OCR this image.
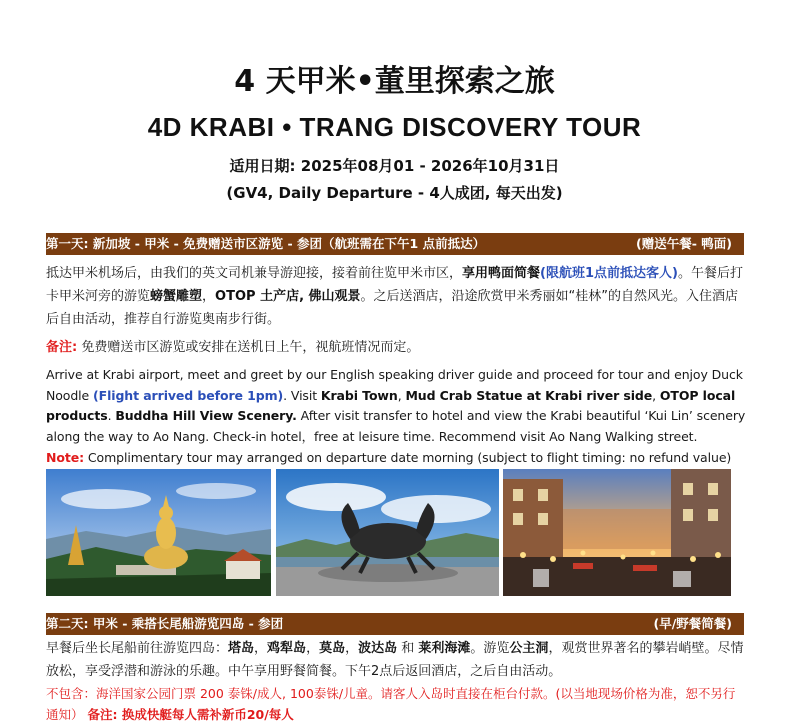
4 天甲米•董里探索之旅
4D KRABI • TRANG DISCOVERY TOUR
适用日期: 2025年08月01 - 2026年10月31日
(GV4, Daily Departure - 4人成团, 每天出发)
第一天: 新加坡 - 甲米 - 免费赠送市区游览 - 参团（航班需在下午1 点前抵达）	(赠送午餐- 鸭面)

抵达甲米机场后，由我们的英文司机兼导游迎接，接着前往览甲米市区，享用鸭面简餐(限航班1点前抵达客人)。午餐后打卡甲米河旁的游览螃蟹雕塑，OTOP 土产店, 佛山观景。之后送酒店，沿途欣赏甲米秀丽如“桂林”的自然风光。入住酒店后自由活动，推荐自行游览奥南步行街。

备注: 免费赠送市区游览或安排在送机日上午，视航班情况而定。

Arrive at Krabi airport, meet and greet by our English speaking driver guide and proceed for tour and enjoy Duck Noodle (Flight arrived before 1pm). Visit Krabi Town, Mud Crab Statue at Krabi river side, OTOP local products. Buddha Hill View Scenery. After visit transfer to hotel and view the Krabi beautiful ‘Kui Lin’ scenery along the way to Ao Nang. Check-in hotel，free at leisure time. Recommend visit Ao Nang Walking street.

Note: Complimentary tour may arranged on departure date morning (subject to flight timing: no refund value)

第二天: 甲米 - 乘搭长尾船游览四岛 - 参团	(早/野餐简餐)

早餐后坐长尾船前往游览四岛：塔岛，鸡犁岛，莫岛，波达岛 和 莱利海滩。游览公主洞，观赏世界著名的攀岩峭壁。尽情放松，享受浮潜和游泳的乐趣。中午享用野餐简餐。下午2点后返回酒店，之后自由活动。

不包含：海洋国家公园门票 200 泰铢/成人, 100泰铢/儿童。请客人入岛时直接在柜台付款。(以当地现场价格为准，恕不另行通知） 备注: 换成快艇每人需补新币20/每人
